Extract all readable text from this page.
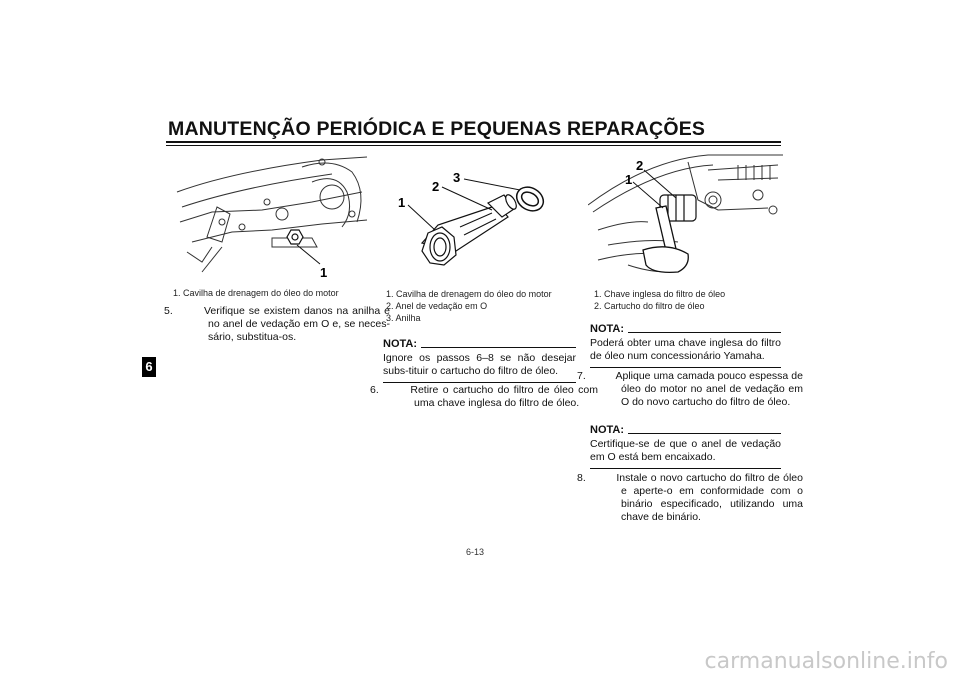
MANUTENÇÃO PERIÓDICA E PEQUENAS REPARAÇÕES
6
1
1. Cavilha de drenagem do óleo do motor
5.	Verifique se existem danos na anilha e no anel de vedação em O e, se neces-sário, substitua-os.
1
2
3
1. Cavilha de drenagem do óleo do motor
2. Anel de vedação em O
3. Anilha
NOTA:
Ignore os passos 6–8 se não desejar subs-tituir o cartucho do filtro de óleo.
6.	Retire o cartucho do filtro de óleo com uma chave inglesa do filtro de óleo.
1
2
1. Chave inglesa do filtro de óleo
2. Cartucho do filtro de óleo
NOTA:
Poderá obter uma chave inglesa do filtro de óleo num concessionário Yamaha.
7.	Aplique uma camada pouco espessa de óleo do motor no anel de vedação em O do novo cartucho do filtro de óleo.
NOTA:
Certifique-se de que o anel de vedação em O está bem encaixado.
8.	Instale o novo cartucho do filtro de óleo e aperte-o em conformidade com o binário especificado, utilizando uma chave de binário.
6-13
carmanualsonline.info
